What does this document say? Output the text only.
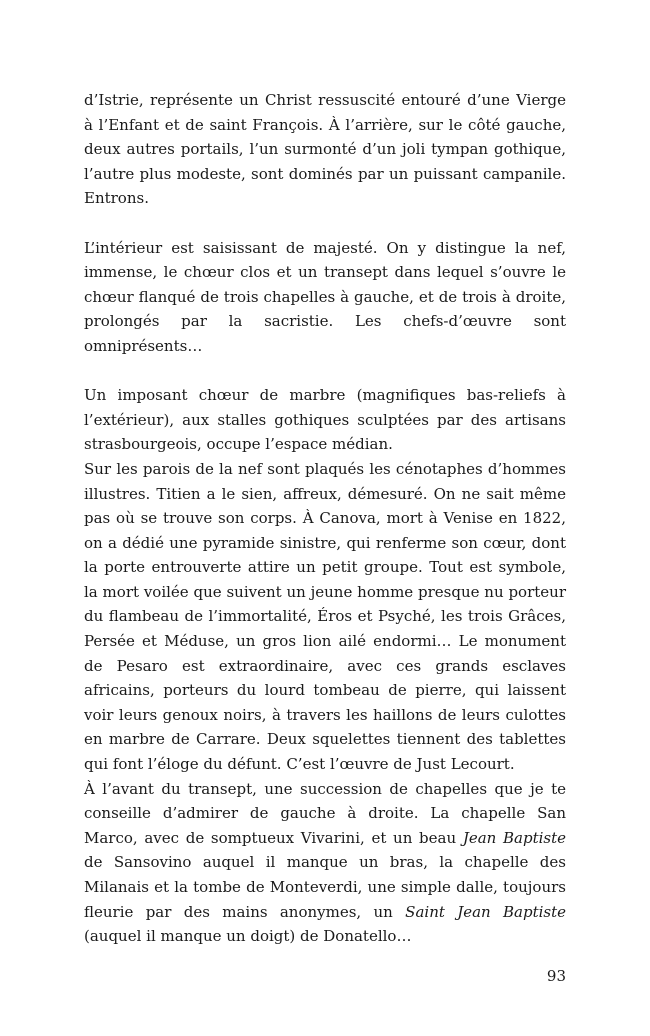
d’Istrie, représente un Christ ressuscité entouré d’une Vierge à l’Enfant et de saint François. À l’arrière, sur le côté gauche, deux autres portails, l’un surmonté d’un joli tympan gothique, l’autre plus modeste, sont dominés par un puissant campanile. Entrons.

L’intérieur est saisissant de majesté. On y distingue la nef, immense, le chœur clos et un transept dans lequel s’ouvre le chœur flanqué de trois chapelles à gauche, et de trois à droite, prolongés par la sacristie. Les chefs-d’œuvre sont omniprésents…

Un imposant chœur de marbre (magnifiques bas-reliefs à l’extérieur), aux stalles gothiques sculptées par des artisans strasbourgeois, occupe l’espace médian.

Sur les parois de la nef sont plaqués les cénotaphes d’hommes illustres. Titien a le sien, affreux, démesuré. On ne sait même pas où se trouve son corps. À Canova, mort à Venise en 1822, on a dédié une pyramide sinistre, qui renferme son cœur, dont la porte entrouverte attire un petit groupe. Tout est symbole, la mort voilée que suivent un jeune homme presque nu porteur du flambeau de l’immortalité, Éros et Psyché, les trois Grâces, Persée et Méduse, un gros lion ailé endormi… Le monument de Pesaro est extraordinaire, avec ces grands esclaves africains, porteurs du lourd tombeau de pierre, qui laissent voir leurs genoux noirs, à travers les haillons de leurs culottes en marbre de Carrare. Deux squelettes tiennent des tablettes qui font l’éloge du défunt. C’est l’œuvre de Just Lecourt.

À l’avant du transept, une succession de chapelles que je te conseille d’admirer de gauche à droite. La chapelle San Marco, avec de somptueux Vivarini, et un beau Jean Baptiste de Sansovino auquel il manque un bras, la chapelle des Milanais et la tombe de Monteverdi, une simple dalle, toujours fleurie par des mains anonymes, un Saint Jean Baptiste (auquel il manque un doigt) de Donatello…

93
